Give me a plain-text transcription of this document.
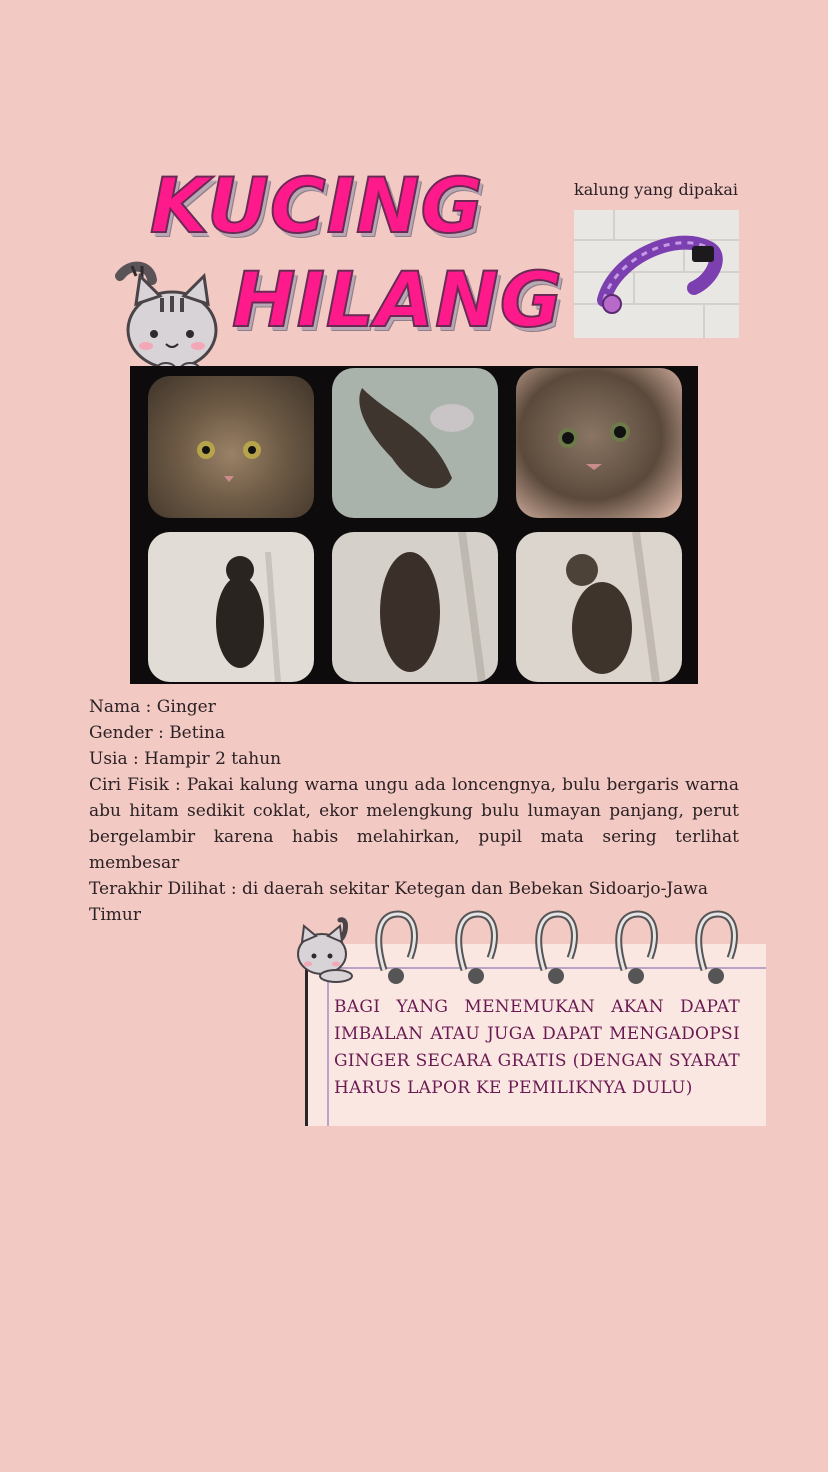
KUCING
HILANG
kalung yang dipakai

Nama : Ginger

Gender : Betina

Usia : Hampir 2 tahun

Ciri Fisik : Pakai kalung warna ungu ada loncengnya, bulu bergaris warna abu hitam sedikit coklat, ekor melengkung bulu lumayan panjang, perut bergelambir karena habis melahirkan, pupil mata sering terlihat membesar

Terakhir Dilihat : di daerah sekitar Ketegan dan Bebekan Sidoarjo-Jawa Timur

BAGI YANG MENEMUKAN AKAN DAPAT IMBALAN ATAU JUGA DAPAT MENGADOPSI GINGER SECARA GRATIS (DENGAN SYARAT HARUS LAPOR KE PEMILIKNYA DULU)
